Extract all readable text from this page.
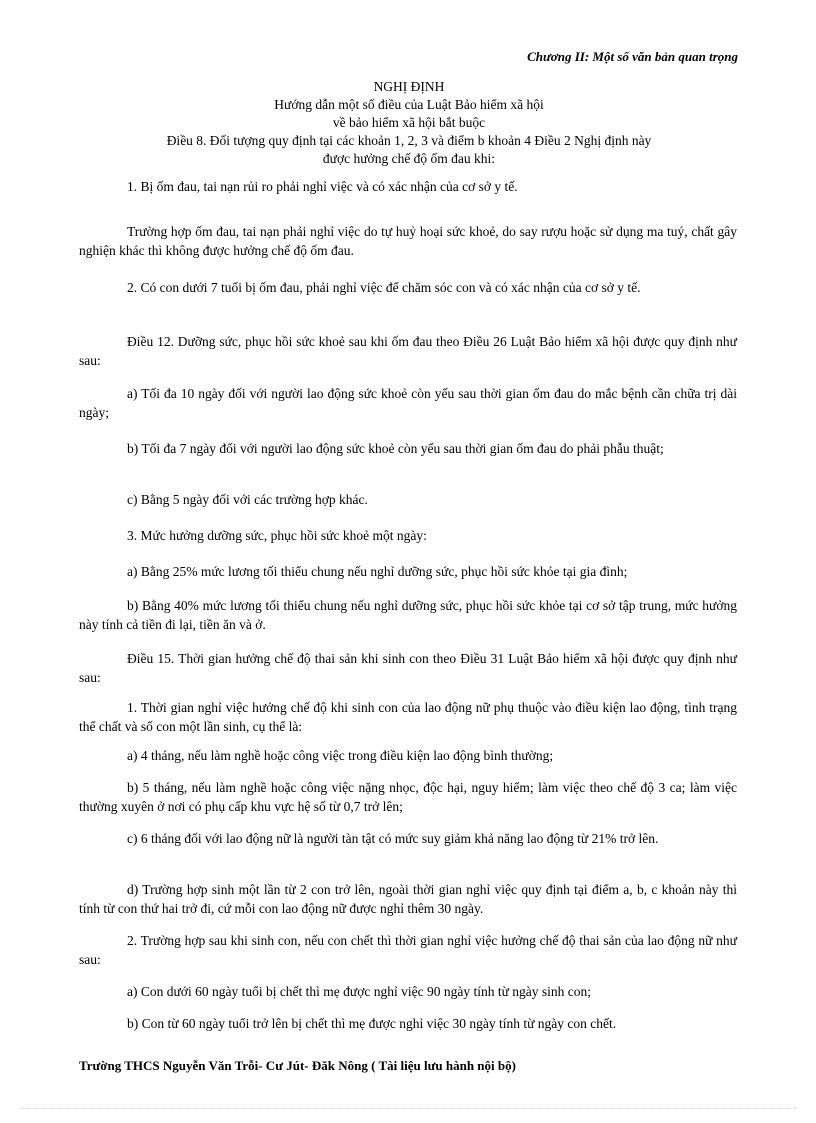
Chương II: Một số văn bản quan trọng
NGHỊ ĐỊNH
Hướng dẫn một số điều của Luật Bảo hiểm xã hội
về bảo hiểm xã hội bắt buộc
Điều 8. Đối tượng quy định tại các khoản 1, 2, 3 và điểm b khoản 4 Điều 2 Nghị định này
được hưởng chế độ ốm đau khi:

1. Bị ốm đau, tai nạn rủi ro phải nghỉ việc và có xác nhận của cơ sở y tế.

Trường hợp ốm đau, tai nạn phải nghỉ việc do tự huỷ hoại sức khoẻ, do say rượu hoặc sử dụng ma tuý, chất gây nghiện khác thì không được hưởng chế độ ốm đau.

2. Có con dưới 7 tuổi bị ốm đau, phải nghỉ việc để chăm sóc con và có xác nhận của cơ sở y tế.

Điều 12. Dưỡng sức, phục hồi sức khoẻ sau khi ốm đau theo Điều 26 Luật Bảo hiểm xã hội được quy định như sau:

a) Tối đa 10 ngày đối với người lao động sức khoẻ còn yếu sau thời gian ốm đau do mắc bệnh cần chữa trị dài ngày;

b) Tối đa 7 ngày đối với người lao động sức khoẻ còn yếu sau thời gian ốm đau do phải phẫu thuật;

c) Bằng 5 ngày đối với các trường hợp khác.

3. Mức hưởng dưỡng sức, phục hồi sức khoẻ một ngày:

a) Bằng 25% mức lương tối thiểu chung nếu nghỉ dưỡng sức, phục hồi sức khỏe tại gia đình;

b) Bằng 40% mức lương tối thiểu chung nếu nghỉ dưỡng sức, phục hồi sức khỏe tại cơ sở tập trung, mức hưởng này tính cả tiền đi lại, tiền ăn và ở.

Điều 15. Thời gian hưởng chế độ thai sản khi sinh con theo Điều 31 Luật Bảo hiểm xã hội được quy định như sau:

1. Thời gian nghỉ việc hưởng chế độ khi sinh con của lao động nữ phụ thuộc vào điều kiện lao động, tình trạng thể chất và số con một lần sinh, cụ thể là:

a) 4 tháng, nếu làm nghề hoặc công việc trong điều kiện lao động bình thường;

b) 5 tháng, nếu làm nghề hoặc công việc nặng nhọc, độc hại, nguy hiểm; làm việc theo chế độ 3 ca; làm việc thường xuyên ở nơi có phụ cấp khu vực hệ số từ 0,7 trở lên;

c) 6 tháng đối với lao động nữ là người tàn tật có mức suy giảm khả năng lao động từ 21% trở lên.

d) Trường hợp sinh một lần từ 2 con trở lên, ngoài thời gian nghỉ việc quy định tại điểm a, b, c khoản này thì tính từ con thứ hai trở đi, cứ mỗi con lao động nữ được nghỉ thêm 30 ngày.

2. Trường hợp sau khi sinh con, nếu con chết thì thời gian nghỉ việc hưởng chế độ thai sản của lao động nữ như sau:

a) Con dưới 60 ngày tuổi bị chết thì mẹ được nghỉ việc 90 ngày tính từ ngày sinh con;

b) Con từ 60 ngày tuổi trở lên bị chết thì mẹ được nghỉ việc 30 ngày tính từ ngày con chết.

Trường THCS Nguyễn Văn Trỗi- Cư Jút- Đăk Nông ( Tài liệu lưu hành nội bộ)
